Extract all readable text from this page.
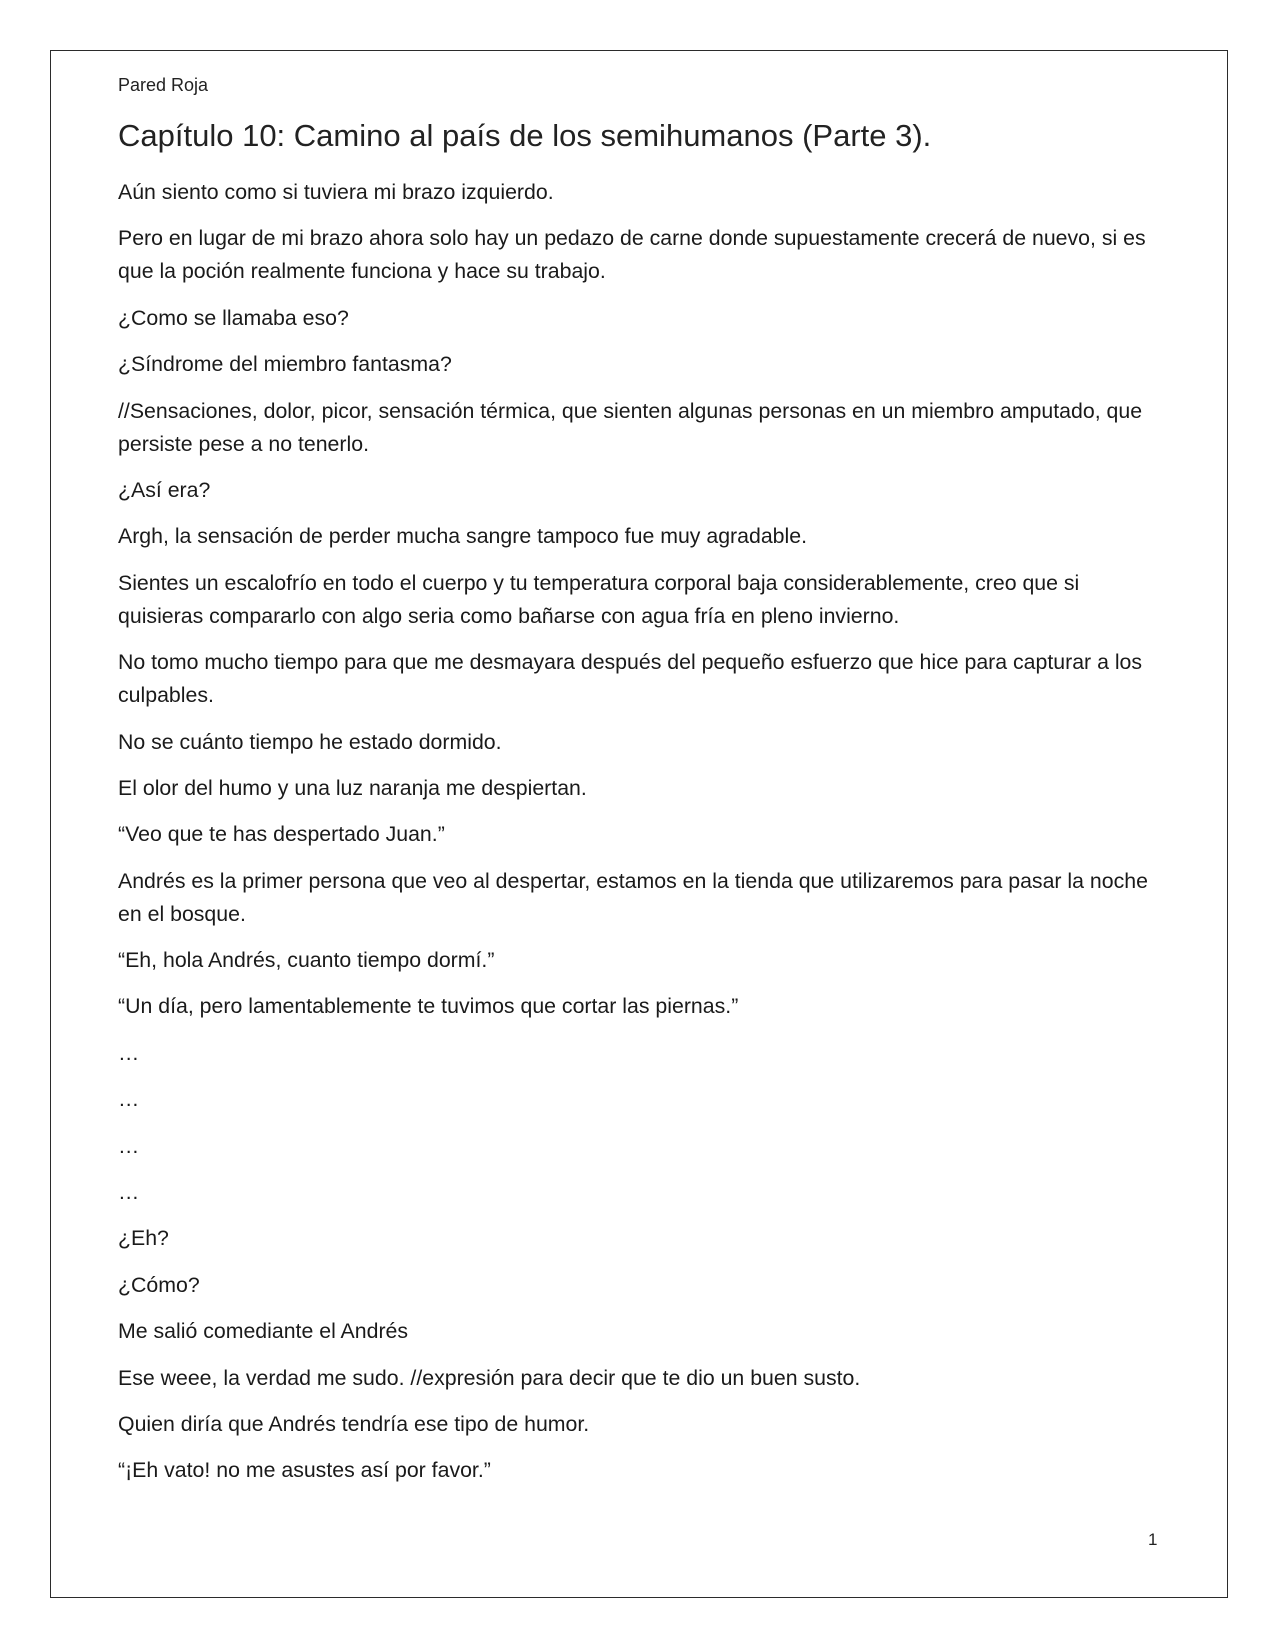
Pared Roja
Capítulo 10: Camino al país de los semihumanos (Parte 3).

Aún siento como si tuviera mi brazo izquierdo.

Pero en lugar de mi brazo ahora solo hay un pedazo de carne donde supuestamente crecerá de nuevo, si es que la poción realmente funciona y hace su trabajo.

¿Como se llamaba eso?

¿Síndrome del miembro fantasma?

//Sensaciones, dolor, picor, sensación térmica, que sienten algunas personas en un miembro amputado, que persiste pese a no tenerlo.

¿Así era?

Argh, la sensación de perder mucha sangre tampoco fue muy agradable.

Sientes un escalofrío en todo el cuerpo y tu temperatura corporal baja considerablemente, creo que si quisieras compararlo con algo seria como bañarse con agua fría en pleno invierno.

No tomo mucho tiempo para que me desmayara después del pequeño esfuerzo que hice para capturar a los culpables.

No se cuánto tiempo he estado dormido.

El olor del humo y una luz naranja me despiertan.

“Veo que te has despertado Juan.”

Andrés es la primer persona que veo al despertar, estamos en la tienda que utilizaremos para pasar la noche en el bosque.

“Eh, hola Andrés, cuanto tiempo dormí.”

“Un día, pero lamentablemente te tuvimos que cortar las piernas.”

…

…

…

…

¿Eh?

¿Cómo?

Me salió comediante el Andrés

Ese weee, la verdad me sudo. //expresión para decir que te dio un buen susto.

Quien diría que Andrés tendría ese tipo de humor.

“¡Eh vato! no me asustes así por favor.”

1
